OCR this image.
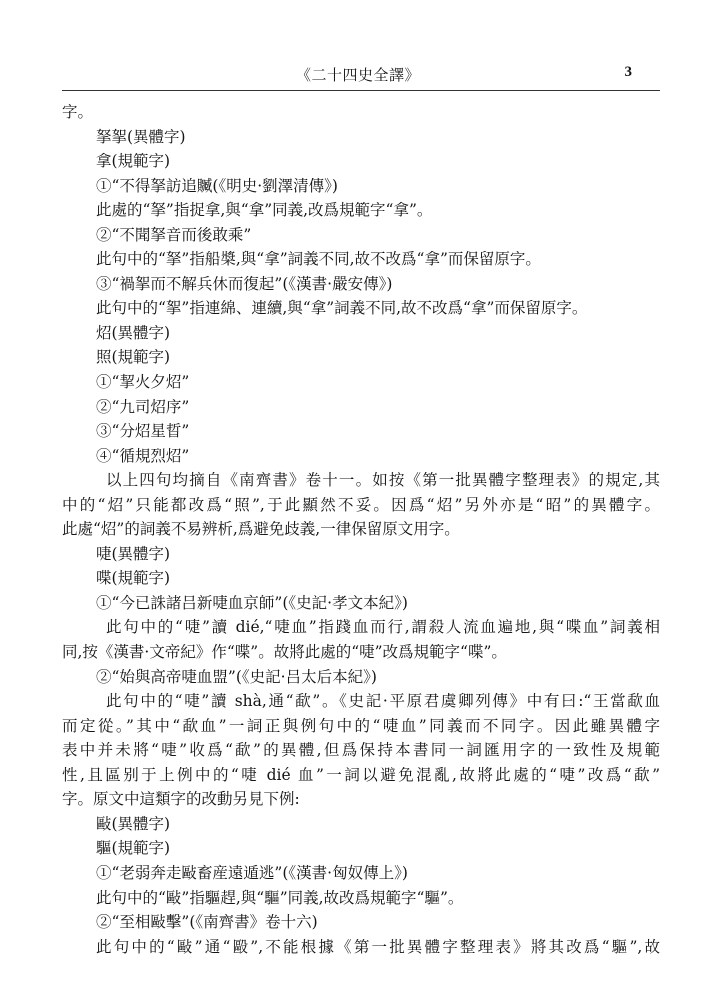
《二十四史全譯》	3
字。
拏挐(異體字)
拿(規範字)
①“不得拏訪追贓(《明史·劉澤清傳》)
此處的“拏”指捉拿,與“拿”同義,改爲規範字“拿”。
②“不聞拏音而後敢乘”
此句中的“拏”指船槳,與“拿”詞義不同,故不改爲“拿”而保留原字。
③“禍挐而不解兵休而復起”(《漢書·嚴安傳》)
此句中的“挐”指連綿、連續,與“拿”詞義不同,故不改爲“拿”而保留原字。
炤(異體字)
照(規範字)
①“挈火夕炤”
②“九司炤序”
③“分炤星晢”
④“循規烈炤”
以上四句均摘自《南齊書》卷十一。如按《第一批異體字整理表》的規定,其
中的“炤”只能都改爲“照”,于此顯然不妥。因爲“炤”另外亦是“昭”的異體字。
此處“炤”的詞義不易辨析,爲避免歧義,一律保留原文用字。
啑(異體字)
喋(規範字)
①“今已誅諸吕新啑血京師”(《史記·孝文本紀》)
此句中的“啑”讀 dié,“啑血”指踐血而行,謂殺人流血遍地,與“喋血”詞義相
同,按《漢書·文帝紀》作“喋”。故將此處的“啑”改爲規範字“喋”。
②“始與高帝啑血盟”(《史記·吕太后本紀》)
此句中的“啑”讀 shà,通“歃”。《史記·平原君虞卿列傳》中有曰:“王當歃血
而定從。”其中“歃血”一詞正與例句中的“啑血”同義而不同字。因此雖異體字
表中并未將“啑”收爲“歃”的異體,但爲保持本書同一詞匯用字的一致性及規範
性,且區别于上例中的“啑 dié 血”一詞以避免混亂,故將此處的“啑”改爲“歃”
字。原文中這類字的改動另見下例:
敺(異體字)
驅(規範字)
①“老弱奔走敺畜産遠遁逃”(《漢書·匈奴傳上》)
此句中的“敺”指驅趕,與“驅”同義,故改爲規範字“驅”。
②“至相敺擊”(《南齊書》卷十六)
此句中的“敺”通“毆”,不能根據《第一批異體字整理表》將其改爲“驅”,故
